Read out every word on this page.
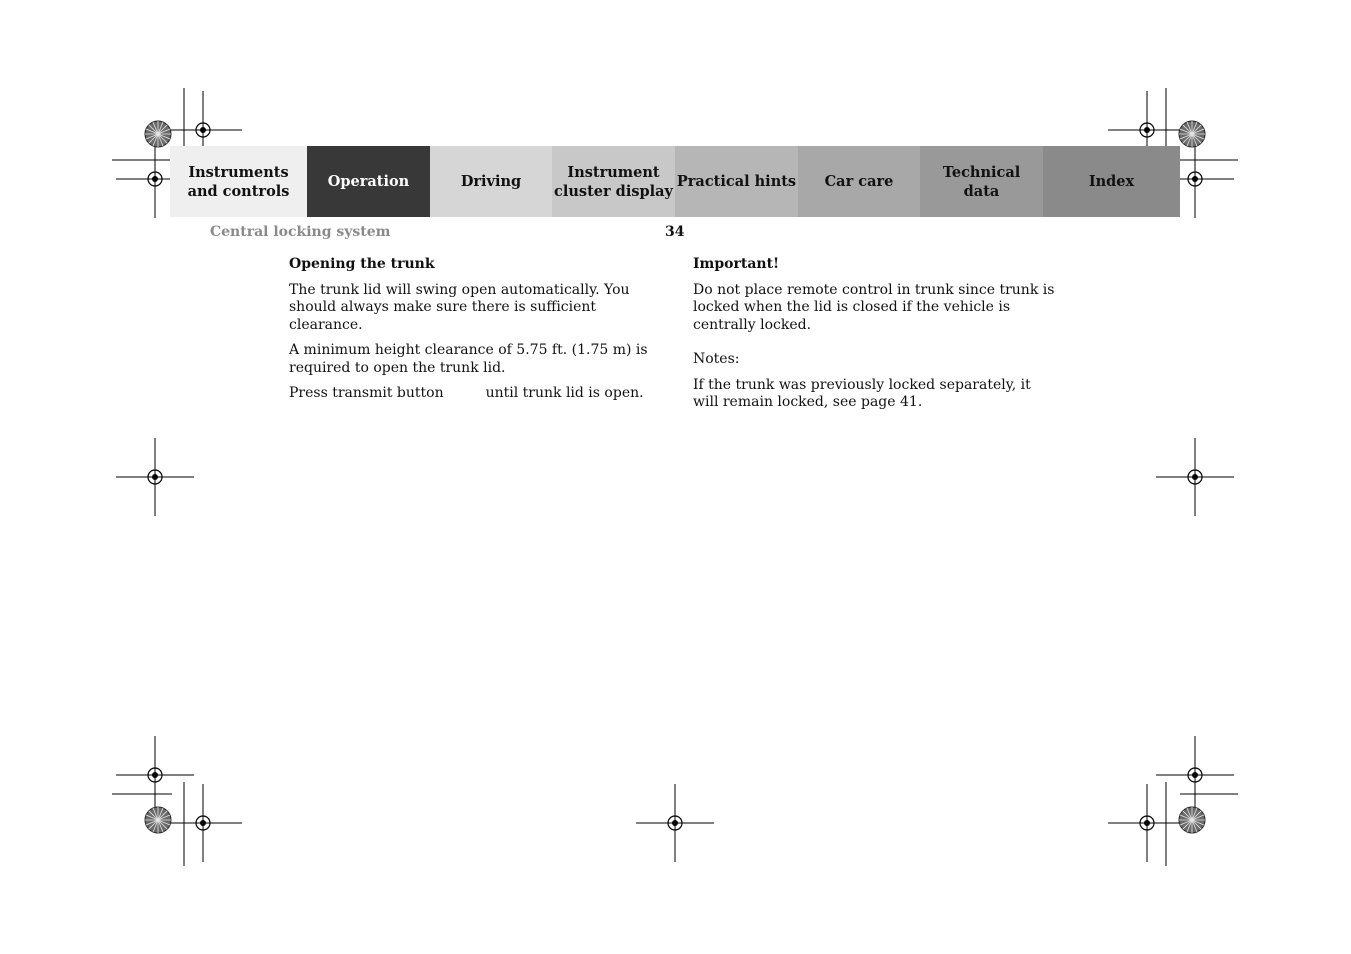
Instruments
and controls
Operation	Driving
Instrument
cluster display
Practical hints	Car care
Technical
data
Index
Central locking system	34

Opening the trunk

The trunk lid will swing open automatically. You should always make sure there is sufficient clearance.

A minimum height clearance of 5.75 ft. (1.75 m) is required to open the trunk lid.

Press transmit button	until trunk lid is open.

Important!

Do not place remote control in trunk since trunk is locked when the lid is closed if the vehicle is centrally locked.

Notes:

If the trunk was previously locked separately, it will remain locked, see page 41.
